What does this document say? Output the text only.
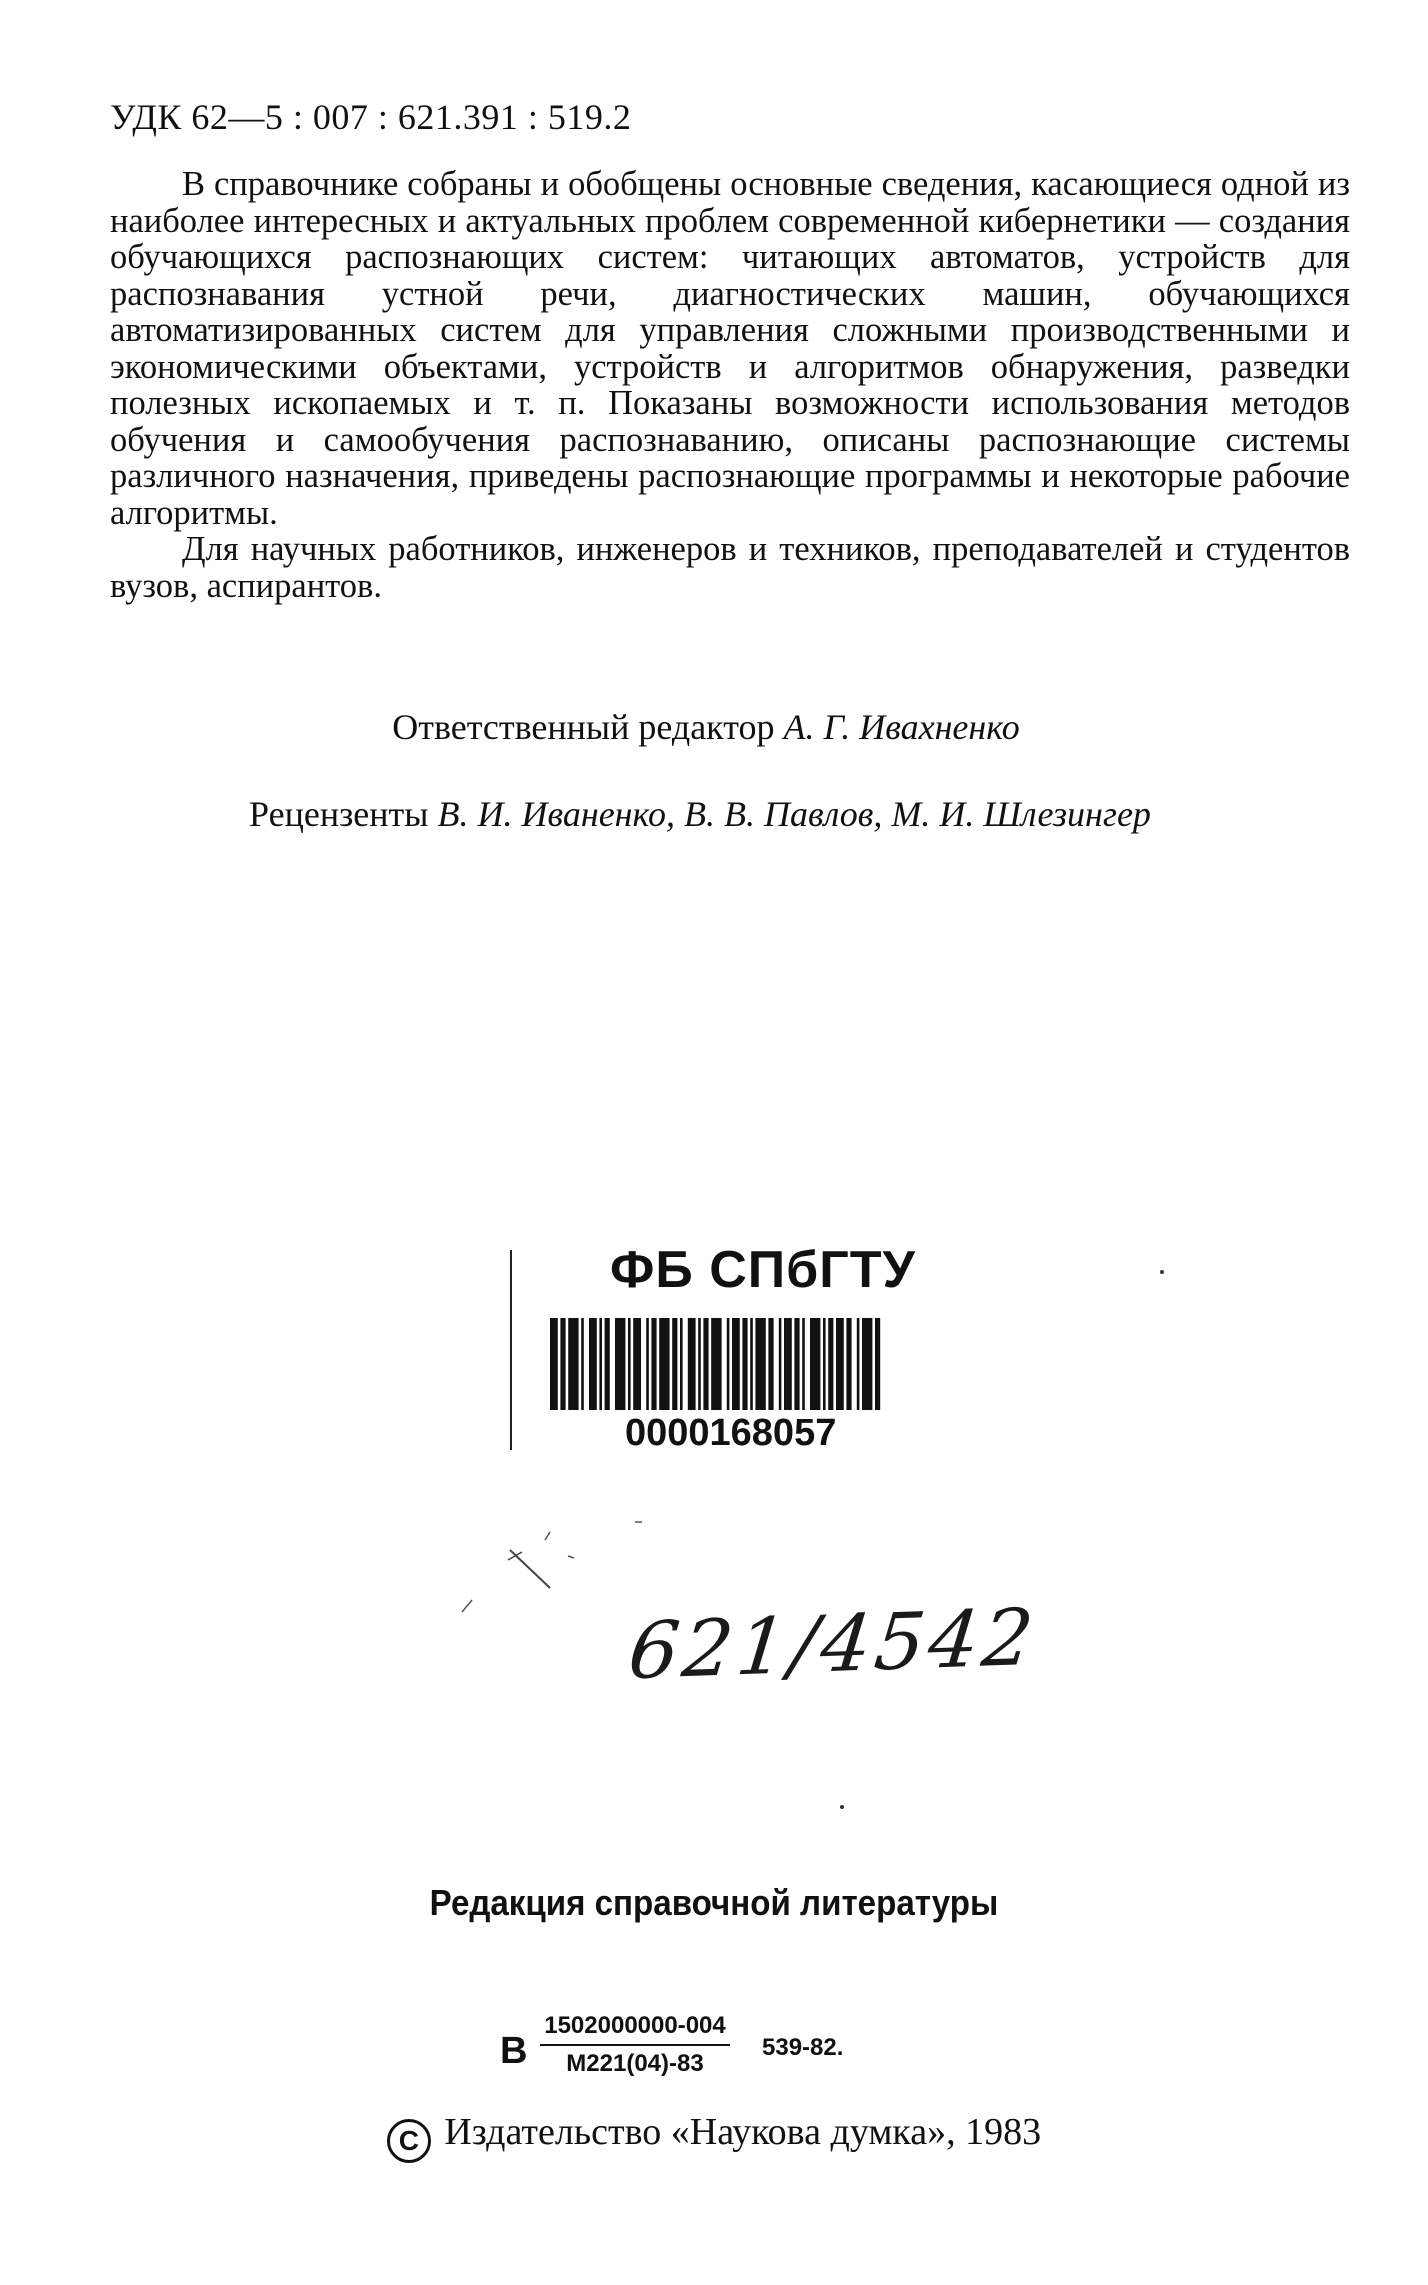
УДК 62—5 : 007 : 621.391 : 519.2

В справочнике собраны и обобщены основные сведения, касающиеся одной из наиболее интересных и актуальных проблем современной кибернетики — создания обучающихся распознающих систем: читающих автоматов, устройств для распознавания устной речи, диагностических машин, обучающихся автоматизированных систем для управления сложными производственными и экономическими объектами, устройств и алгоритмов обнаружения, разведки полезных ископаемых и т. п. Показаны возможности использования методов обучения и самообучения распознаванию, описаны распознающие системы различного назначения, приведены распознающие программы и некоторые рабочие алгоритмы.

Для научных работников, инженеров и техников, преподавателей и студентов вузов, аспирантов.

Ответственный редактор А. Г. Ивахненко
Рецензенты В. И. Иваненко, В. В. Павлов, М. И. Шлезингер
ФБ СПбГТУ
0000168057
621/4542
Редакция справочной литературы
В
1502000000-004
М221(04)-83
539-82.
C Издательство «Наукова думка», 1983
